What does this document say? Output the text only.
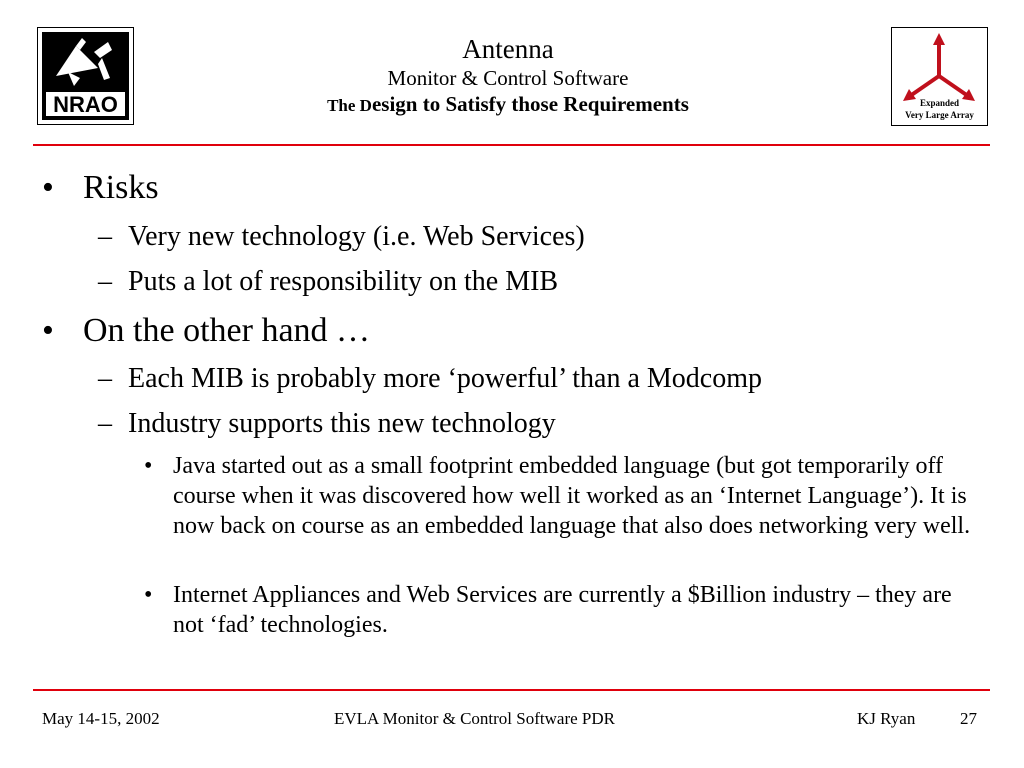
NRAO
Antenna
Monitor & Control Software
The Design to Satisfy those Requirements	Expanded
Very Large Array
• Risks
– Very new technology (i.e. Web Services)
– Puts a lot of responsibility on the MIB
• On the other hand …
– Each MIB is probably more ‘powerful’ than a Modcomp
– Industry supports this new technology
• Java started out as a small footprint embedded language (but got temporarily off course when it was discovered how well it worked as an ‘Internet Language’). It is now back on course as an embedded language that also does networking very well.
• Internet Appliances and Web Services are currently a $Billion industry – they are not ‘fad’ technologies.
May 14-15, 2002	EVLA Monitor & Control Software PDR	KJ Ryan	27
